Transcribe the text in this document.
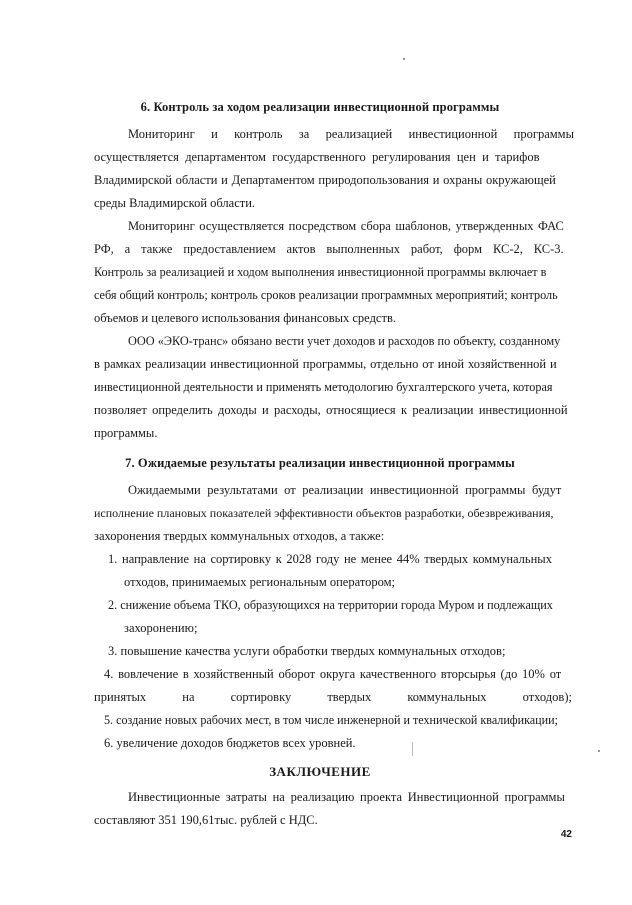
6. Контроль за ходом реализации инвестиционной программы
Мониторинг и контроль за реализацией инвестиционной программы
осуществляется департаментом государственного регулирования цен и тарифов
Владимирской области и Департаментом природопользования и охраны окружающей
среды Владимирской области.
Мониторинг осуществляется посредством сбора шаблонов, утвержденных ФАС
РФ, а также предоставлением актов выполненных работ, форм КС-2, КС-3.
Контроль за реализацией и ходом выполнения инвестиционной программы включает в
себя общий контроль; контроль сроков реализации программных мероприятий; контроль
объемов и целевого использования финансовых средств.
ООО «ЭКО-транс» обязано вести учет доходов и расходов по объекту, созданному
в рамках реализации инвестиционной программы, отдельно от иной хозяйственной и
инвестиционной деятельности и применять методологию бухгалтерского учета, которая
позволяет определить доходы и расходы, относящиеся к реализации инвестиционной
программы.
7. Ожидаемые результаты реализации инвестиционной программы
Ожидаемыми результатами от реализации инвестиционной программы будут
исполнение плановых показателей эффективности объектов разработки, обезвреживания,
захоронения твердых коммунальных отходов, а также:
1. направление на сортировку к 2028 году не менее 44% твердых коммунальных
отходов, принимаемых региональным оператором;
2. снижение объема ТКО, образующихся на территории города Муром и подлежащих
захоронению;
3. повышение качества услуги обработки твердых коммунальных отходов;
4. вовлечение в хозяйственный оборот округа качественного вторсырья (до 10% от
принятых	на	сортировку	твердых	коммунальных	отходов);
5. создание новых рабочих мест, в том числе инженерной и технической квалификации;
6. увеличение доходов бюджетов всех уровней.
ЗАКЛЮЧЕНИЕ
Инвестиционные затраты на реализацию проекта Инвестиционной программы
составляют 351 190,61тыс. рублей с НДС.
42
